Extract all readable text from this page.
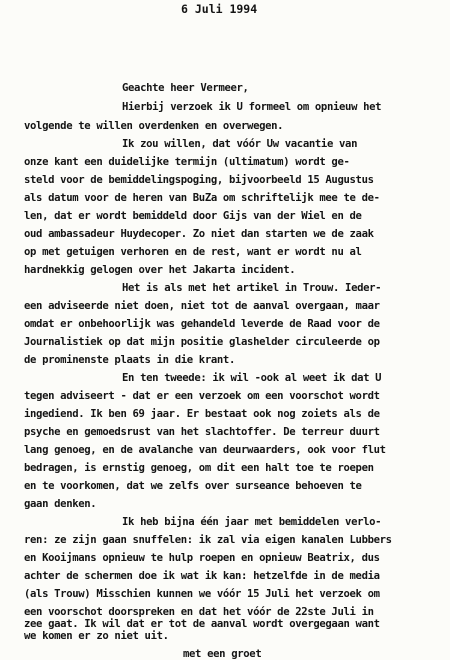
6 Juli 1994
Geachte heer Vermeer,
Hierbij verzoek ik U formeel om opnieuw het
volgende te willen overdenken en overwegen.
Ik zou willen, dat vóór Uw vacantie van
onze kant een duidelijke termijn (ultimatum) wordt ge-
steld voor de bemiddelingspoging, bijvoorbeeld 15 Augustus
als datum voor de heren van BuZa om schriftelijk mee te de-
len, dat er wordt bemiddeld door Gijs van der Wiel en de
oud ambassadeur Huydecoper. Zo niet dan starten we de zaak
op met getuigen verhoren en de rest, want er wordt nu al
hardnekkig gelogen over het Jakarta incident.
Het is als met het artikel in Trouw. Ieder-
een adviseerde niet doen, niet tot de aanval overgaan, maar
omdat er onbehoorlijk was gehandeld leverde de Raad voor de
Journalistiek op dat mijn positie glashelder circuleerde op
de prominenste plaats in die krant.
En ten tweede: ik wil -ook al weet ik dat U
tegen adviseert - dat er een verzoek om een voorschot wordt
ingediend. Ik ben 69 jaar. Er bestaat ook nog zoiets als de
psyche en gemoedsrust van het slachtoffer. De terreur duurt
lang genoeg, en de avalanche van deurwaarders, ook voor flut
bedragen, is ernstig genoeg, om dit een halt toe te roepen
en te voorkomen, dat we zelfs over surseance behoeven te
gaan denken.
Ik heb bijna één jaar met bemiddelen verlo-
ren: ze zijn gaan snuffelen: ik zal via eigen kanalen Lubbers
en Kooijmans opnieuw te hulp roepen en opnieuw Beatrix, dus
achter de schermen doe ik wat ik kan: hetzelfde in de media
(als Trouw) Misschien kunnen we vóór 15 Juli het verzoek om
een voorschot doorspreken en dat het vóór de 22ste Juli in
zee gaat. Ik wil dat er tot de aanval wordt overgegaan want
we komen er zo niet uit.
met een groet
